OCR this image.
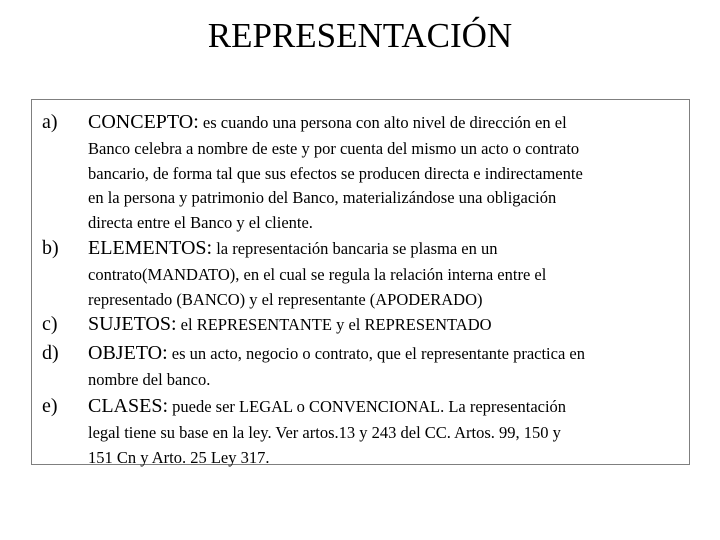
REPRESENTACIÓN
a) CONCEPTO: es cuando una persona con alto nivel de dirección en el
Banco celebra a nombre de este y por cuenta del mismo un acto o contrato
bancario, de forma tal que sus efectos se producen directa e indirectamente
en la persona y patrimonio del Banco, materializándose una obligación
directa entre el Banco y el cliente.
b) ELEMENTOS: la representación bancaria se plasma en un
contrato(MANDATO), en el cual se regula la relación interna entre el
representado (BANCO) y el representante (APODERADO)
c) SUJETOS: el REPRESENTANTE y el REPRESENTADO
d) OBJETO: es un acto, negocio o contrato, que el representante practica en
nombre del banco.
e) CLASES: puede ser LEGAL o CONVENCIONAL. La representación
legal tiene su base en la ley. Ver artos.13 y 243 del CC. Artos. 99, 150 y
151 Cn y Arto. 25 Ley 317.
